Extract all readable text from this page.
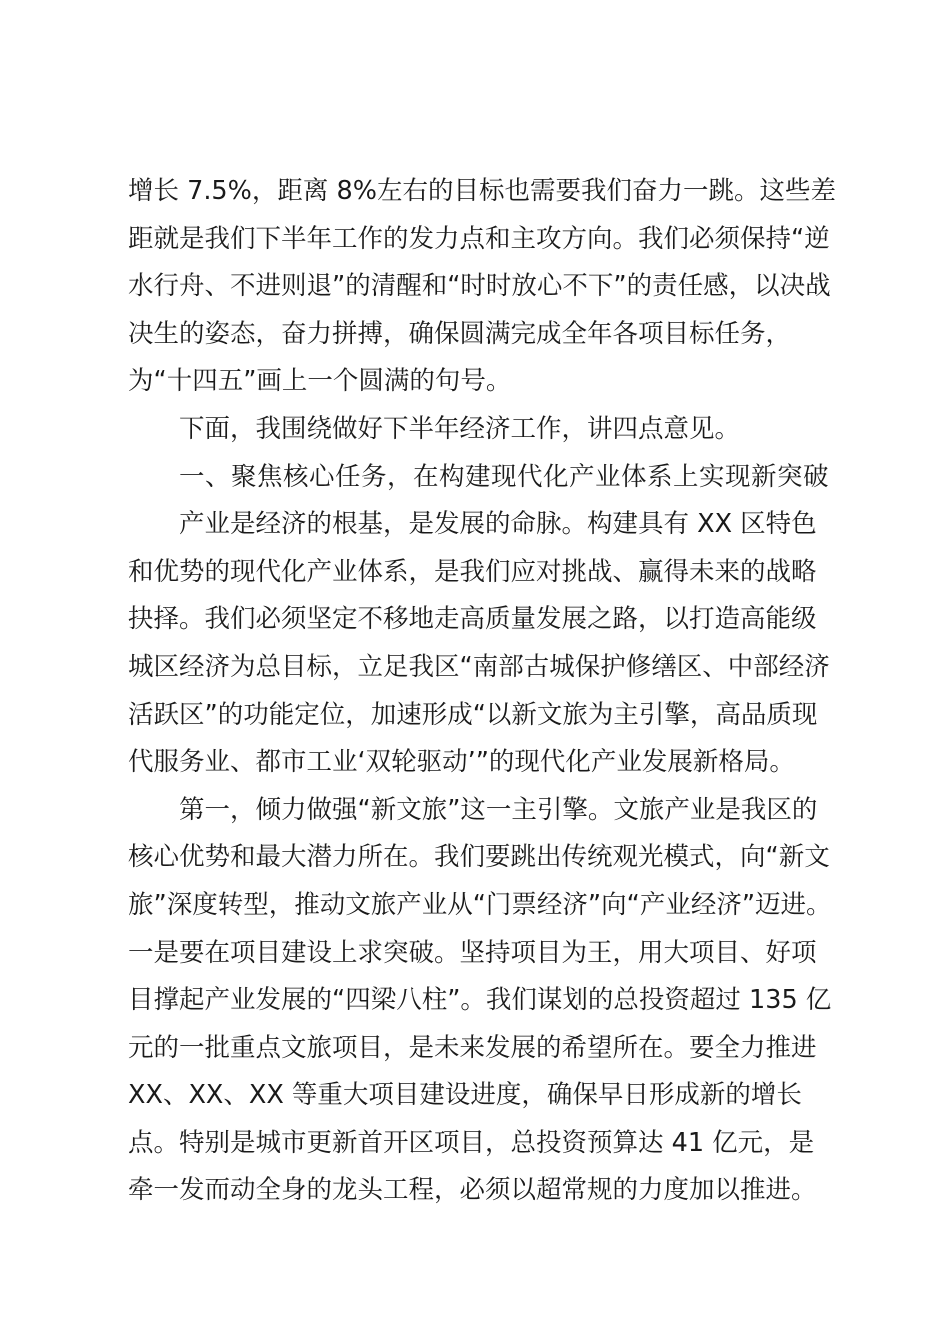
增长 7.5%，距离 8%左右的目标也需要我们奋力一跳。这些差
距就是我们下半年工作的发力点和主攻方向。我们必须保持“逆
水行舟、不进则退”的清醒和“时时放心不下”的责任感，以决战
决生的姿态，奋力拼搏，确保圆满完成全年各项目标任务，
为“十四五”画上一个圆满的句号。
下面，我围绕做好下半年经济工作，讲四点意见。
一、聚焦核心任务，在构建现代化产业体系上实现新突破
产业是经济的根基，是发展的命脉。构建具有 XX 区特色
和优势的现代化产业体系，是我们应对挑战、赢得未来的战略
抉择。我们必须坚定不移地走高质量发展之路，以打造高能级
城区经济为总目标，立足我区“南部古城保护修缮区、中部经济
活跃区”的功能定位，加速形成“以新文旅为主引擎，高品质现
代服务业、都市工业‘双轮驱动’”的现代化产业发展新格局。
第一，倾力做强“新文旅”这一主引擎。文旅产业是我区的
核心优势和最大潜力所在。我们要跳出传统观光模式，向“新文
旅”深度转型，推动文旅产业从“门票经济”向“产业经济”迈进。
一是要在项目建设上求突破。坚持项目为王，用大项目、好项
目撑起产业发展的“四梁八柱”。我们谋划的总投资超过 135 亿
元的一批重点文旅项目，是未来发展的希望所在。要全力推进
XX、XX、XX 等重大项目建设进度，确保早日形成新的增长
点。特别是城市更新首开区项目，总投资预算达 41 亿元，是
牵一发而动全身的龙头工程，必须以超常规的力度加以推进。
